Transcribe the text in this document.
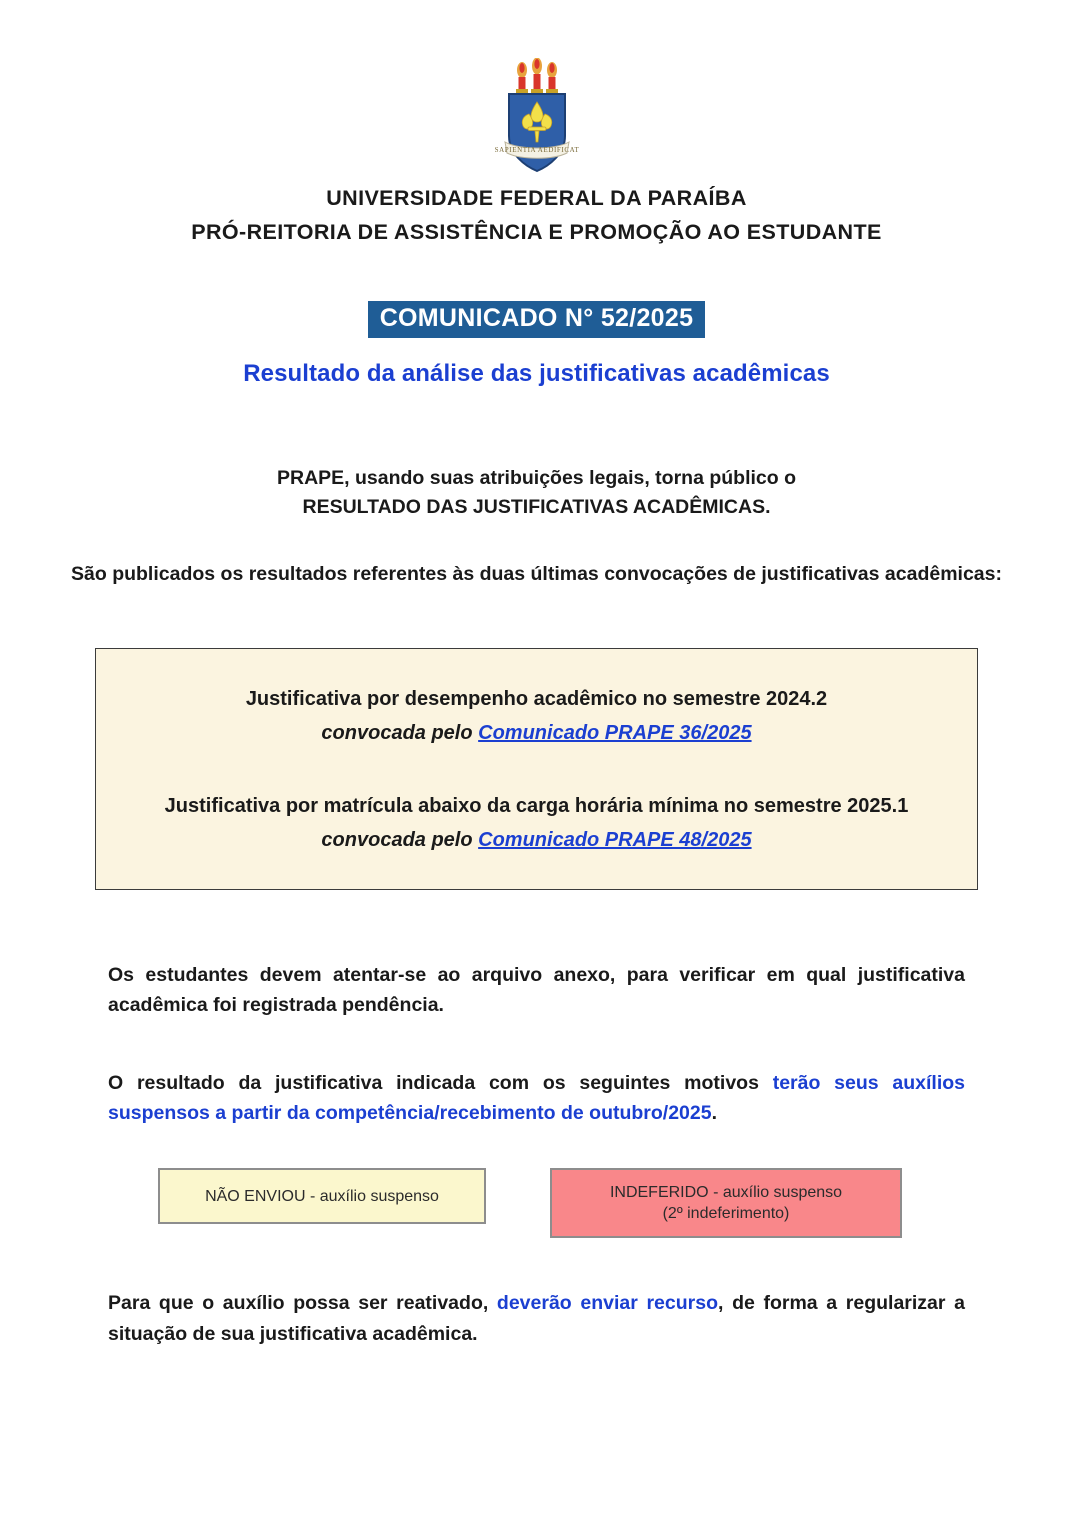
SAPIENTIA AEDIFICAT
UNIVERSIDADE FEDERAL DA PARAÍBA
PRÓ-REITORIA DE ASSISTÊNCIA E PROMOÇÃO AO ESTUDANTE
COMUNICADO N° 52/2025
Resultado da análise das justificativas acadêmicas
PRAPE, usando suas atribuições legais, torna público o
RESULTADO DAS JUSTIFICATIVAS ACADÊMICAS.
São publicados os resultados referentes às duas últimas convocações de justificativas acadêmicas:
Justificativa por desempenho acadêmico no semestre 2024.2
convocada pelo Comunicado PRAPE 36/2025
Justificativa por matrícula abaixo da carga horária mínima no semestre 2025.1
convocada pelo Comunicado PRAPE 48/2025

Os estudantes devem atentar-se ao arquivo anexo, para verificar em qual justificativa acadêmica foi registrada pendência.

O resultado da justificativa indicada com os seguintes motivos terão seus auxílios suspensos a partir da competência/recebimento de outubro/2025.

NÃO ENVIOU - auxílio suspenso	INDEFERIDO - auxílio suspenso
(2º indeferimento)

Para que o auxílio possa ser reativado, deverão enviar recurso, de forma a regularizar a situação de sua justificativa acadêmica.
